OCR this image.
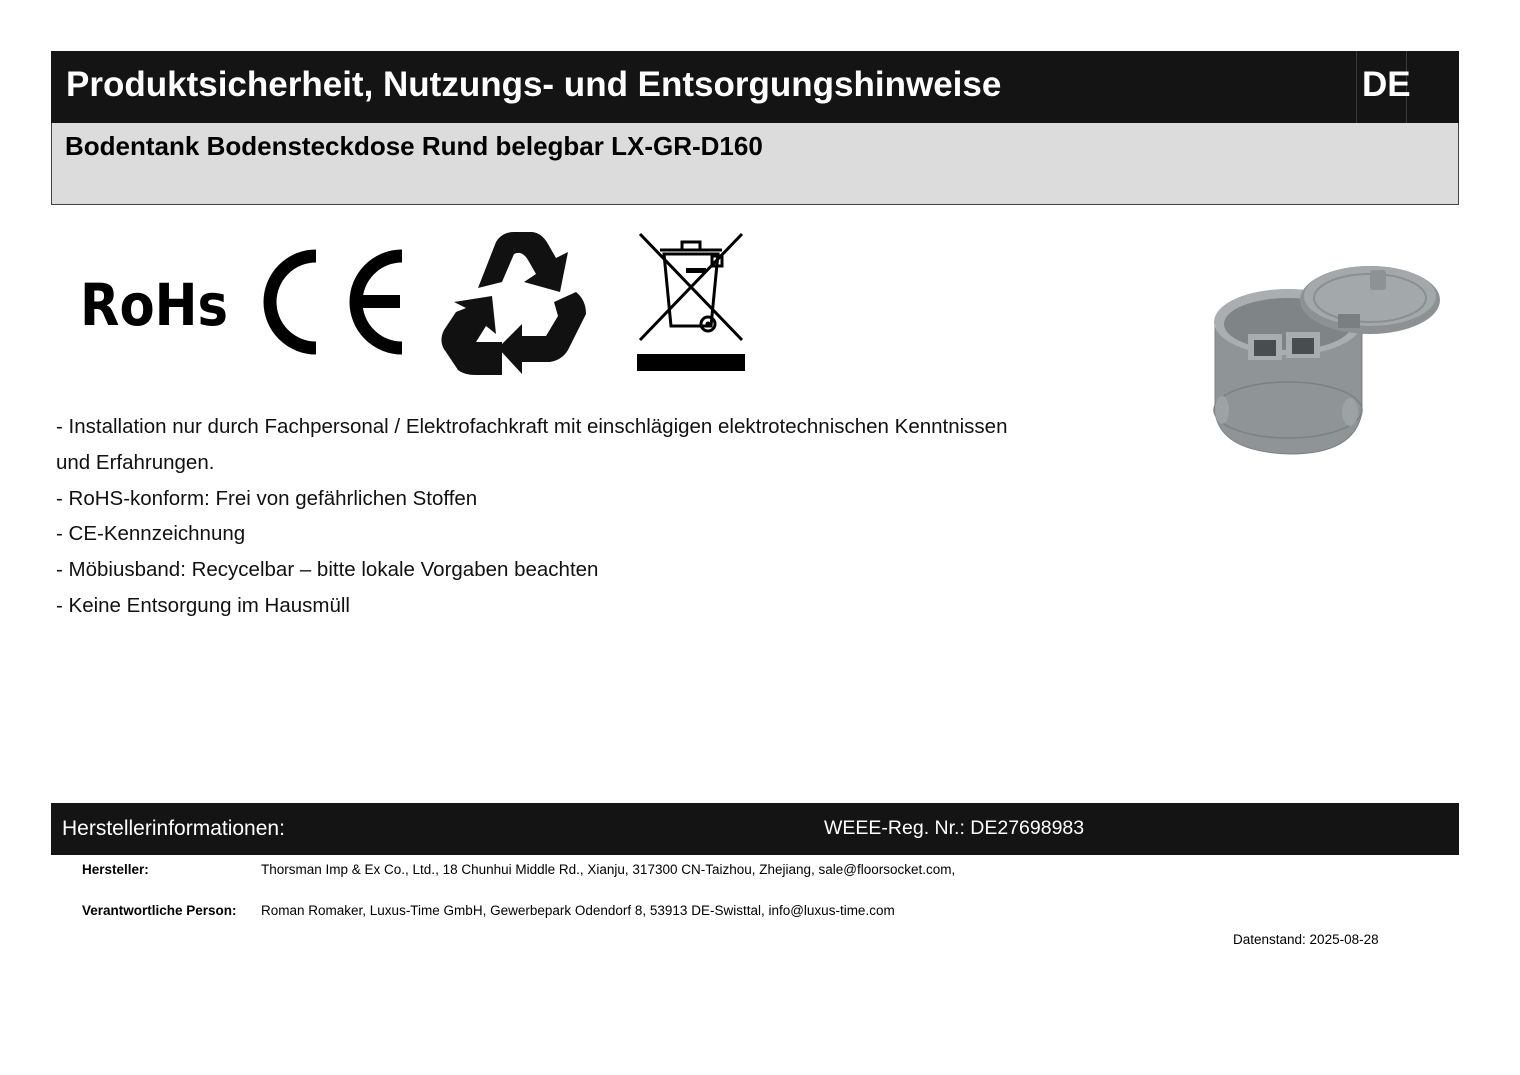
Produktsicherheit, Nutzungs- und Entsorgungshinweise	DE
Bodentank Bodensteckdose Rund belegbar LX-GR-D160
RoHs
- Installation nur durch Fachpersonal / Elektrofachkraft mit einschlägigen elektrotechnischen Kenntnissen
und Erfahrungen.
- RoHS-konform: Frei von gefährlichen Stoffen
- CE-Kennzeichnung
- Möbiusband: Recycelbar – bitte lokale Vorgaben beachten
- Keine Entsorgung im Hausmüll
Herstellerinformationen:	WEEE-Reg. Nr.: DE27698983
Hersteller:	Thorsman Imp & Ex Co., Ltd., 18 Chunhui Middle Rd., Xianju, 317300 CN-Taizhou, Zhejiang, sale@floorsocket.com,
Verantwortliche Person: Roman Romaker, Luxus-Time GmbH, Gewerbepark Odendorf 8, 53913 DE-Swisttal, info@luxus-time.com
Datenstand: 2025-08-28
